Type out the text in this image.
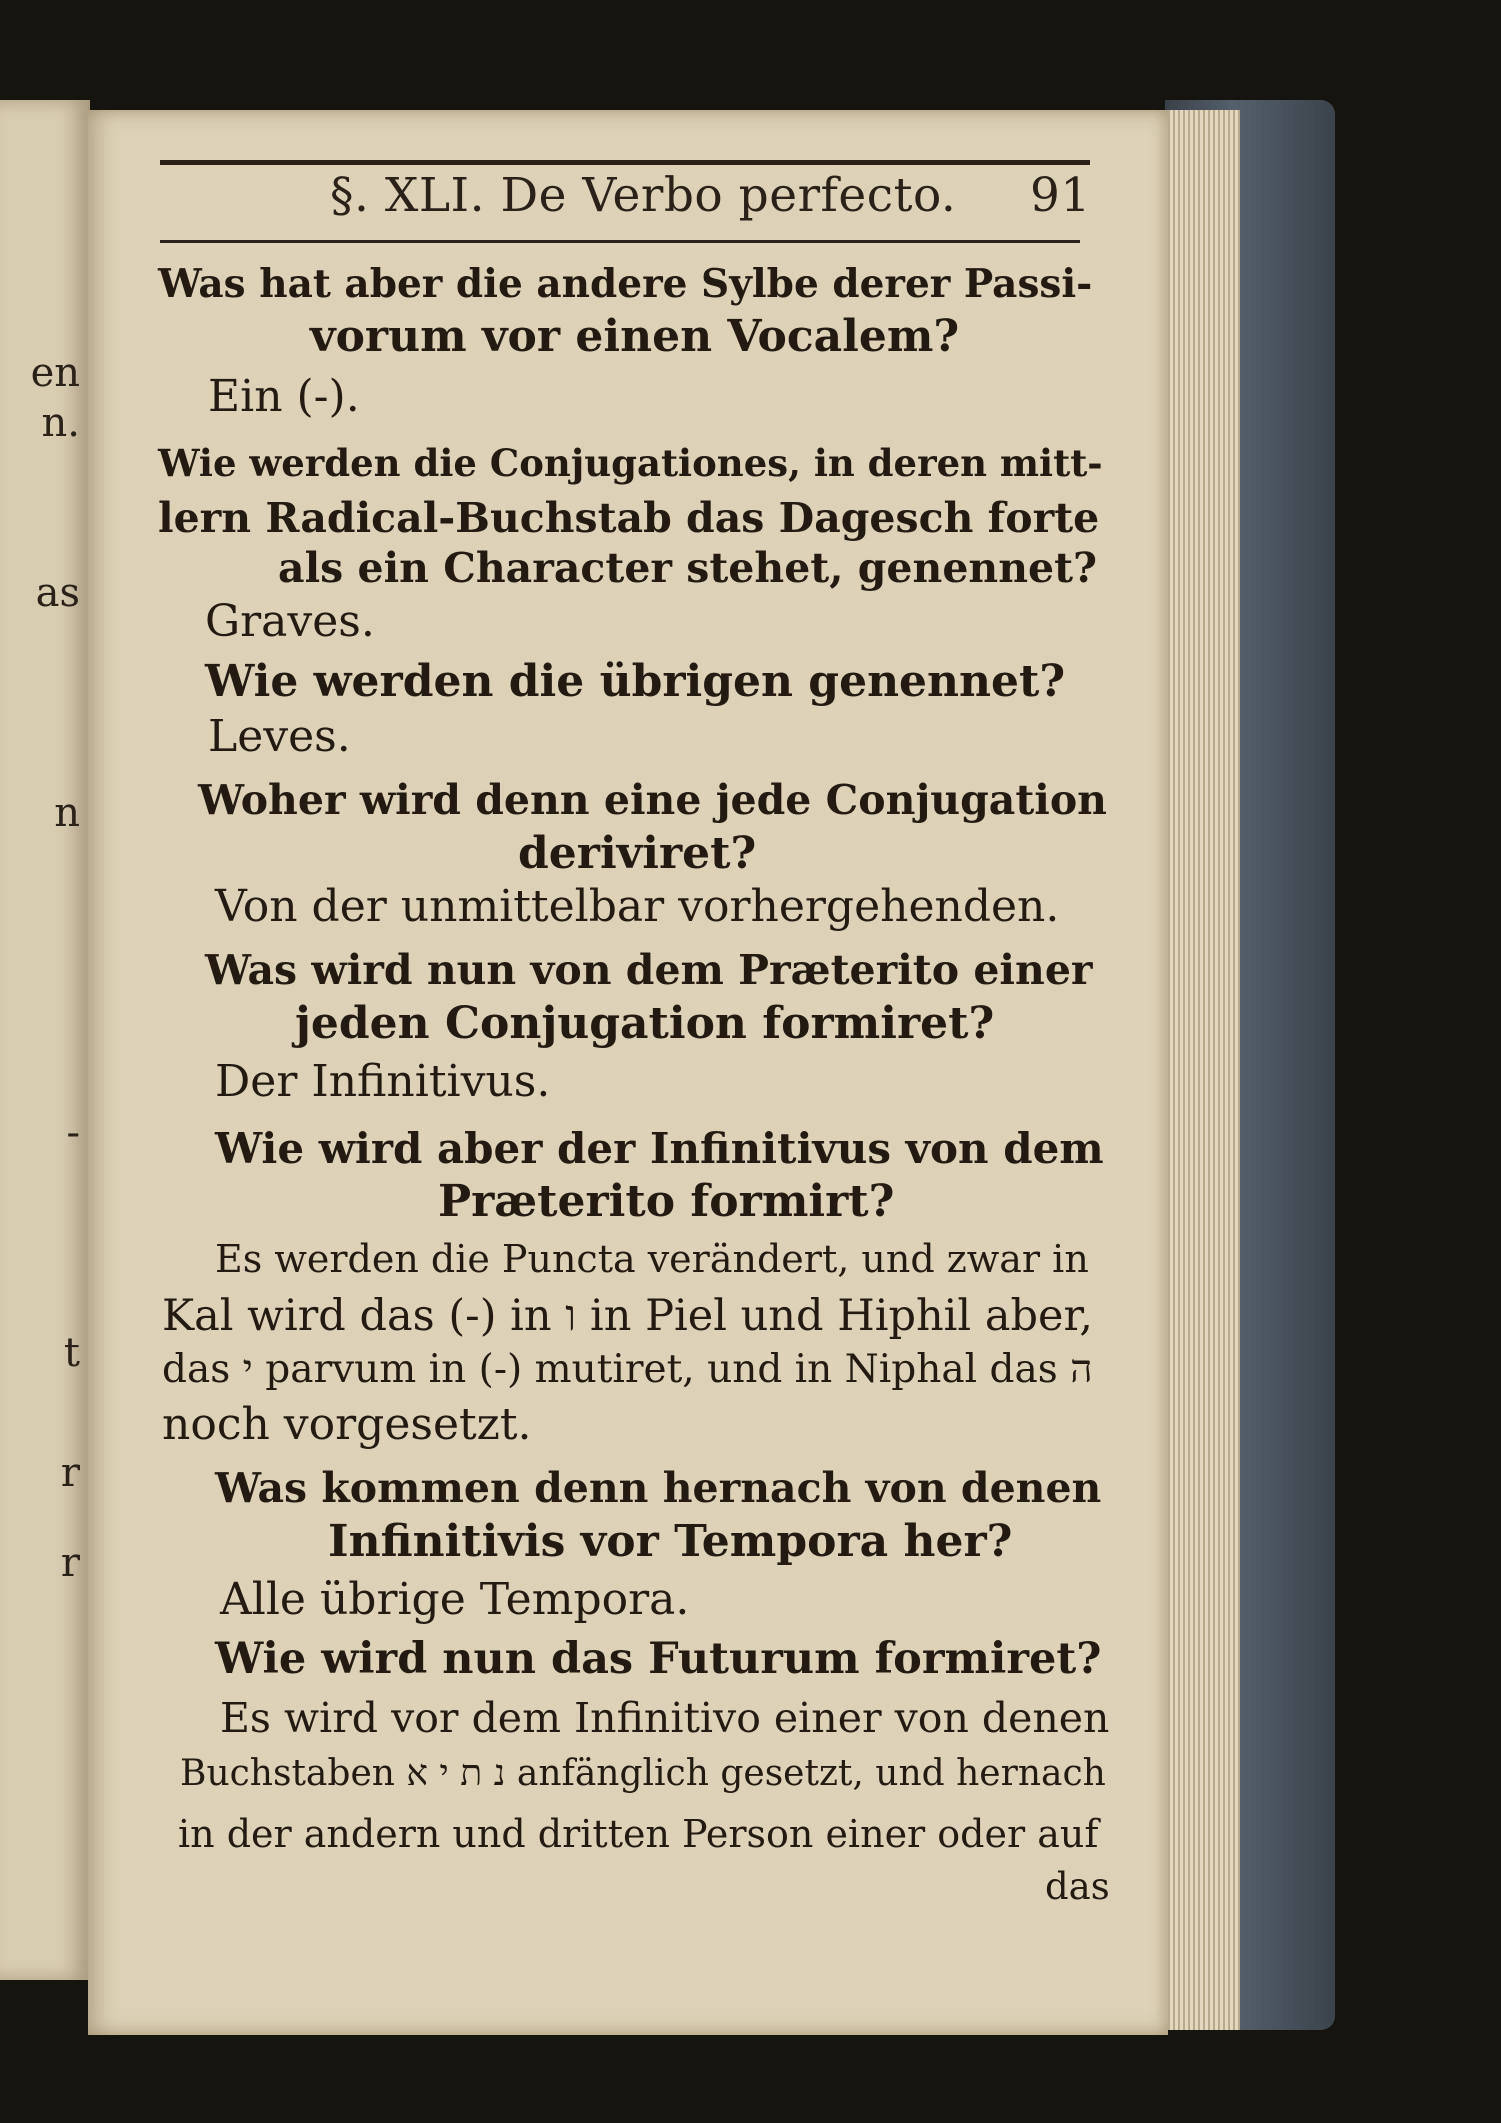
en
n.
as
n
-
t
r
r
§. XLI. De Verbo perfecto. 91
Was hat aber die andere Sylbe derer Passi-
vorum vor einen Vocalem?
Ein (-).
Wie werden die Conjugationes, in deren mitt-
lern Radical-Buchstab das Dagesch forte
als ein Character stehet, genennet?
Graves.
Wie werden die übrigen genennet?
Leves.
Woher wird denn eine jede Conjugation
deriviret?
Von der unmittelbar vorhergehenden.
Was wird nun von dem Præterito einer
jeden Conjugation formiret?
Der Infinitivus.
Wie wird aber der Infinitivus von dem
Præterito formirt?
Es werden die Puncta verändert, und zwar in
Kal wird das (-) in ו in Piel und Hiphil aber,
das י parvum in (-) mutiret, und in Niphal das ה
noch vorgesetzt.
Was kommen denn hernach von denen
Infinitivis vor Tempora her?
Alle übrige Tempora.
Wie wird nun das Futurum formiret?
Es wird vor dem Infinitivo einer von denen
Buchstaben נ ת י א anfänglich gesetzt, und hernach
in der andern und dritten Person einer oder auf
das
